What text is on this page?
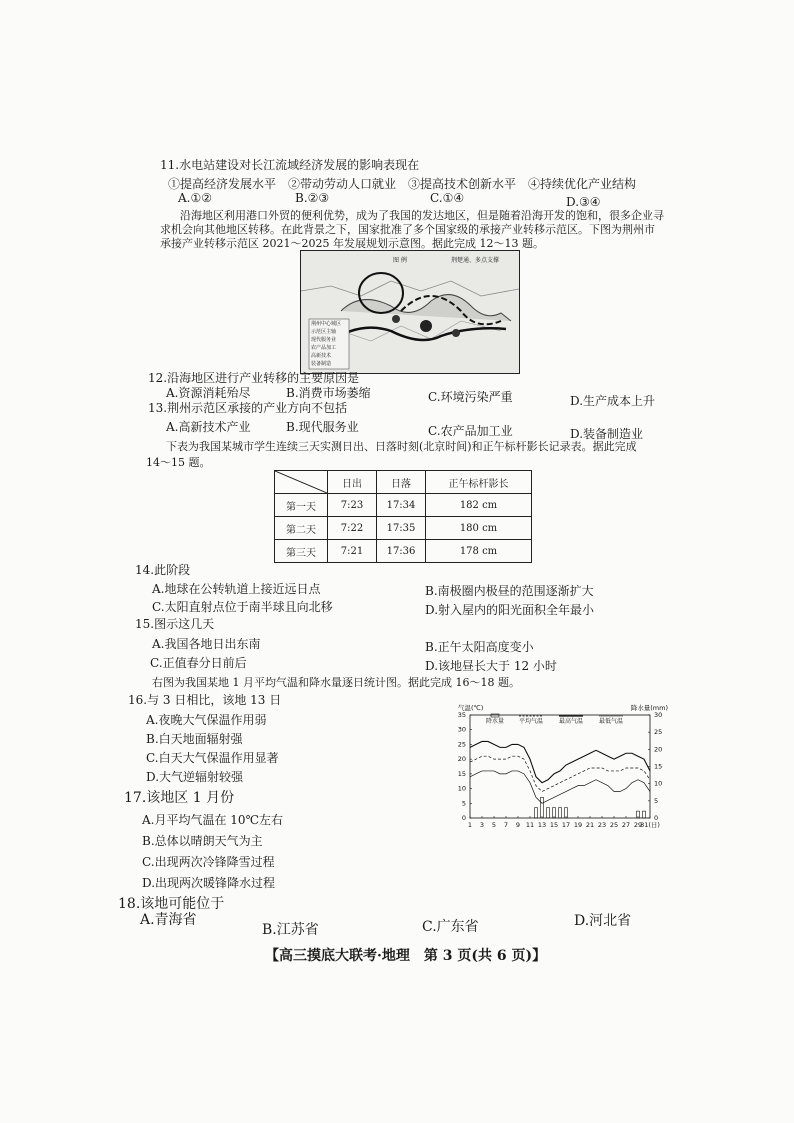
11.水电站建设对长江流域经济发展的影响表现在
①提高经济发展水平　②带动劳动人口就业　③提高技术创新水平　④持续优化产业结构
A.①②	B.②③	C.①④	D.③④
沿海地区利用港口外贸的便利优势，成为了我国的发达地区，但是随着沿海开发的饱和，很多企业寻
求机会向其他地区转移。在此背景之下，国家批准了多个国家级的承接产业转移示范区。下图为荆州市
承接产业转移示范区 2021～2025 年发展规划示意图。据此完成 12～13 题。
图 例	荆楚通、多点支撑
荆州中心城区
示范区主轴
现代服务业
农产品加工
高新技术
装备制造
12.沿海地区进行产业转移的主要原因是
A.资源消耗殆尽	B.消费市场萎缩	C.环境污染严重	D.生产成本上升
13.荆州示范区承接的产业方向不包括
A.高新技术产业	B.现代服务业	C.农产品加工业	D.装备制造业
下表为我国某城市学生连续三天实测日出、日落时刻(北京时间)和正午标杆影长记录表。据此完成
14～15 题。
	日出	日落	正午标杆影长
第一天	7:23	17:34	182 cm
第二天	7:22	17:35	180 cm
第三天	7:21	17:36	178 cm
14.此阶段
A.地球在公转轨道上接近远日点	B.南极圈内极昼的范围逐渐扩大
C.太阳直射点位于南半球且向北移	D.射入屋内的阳光面积全年最小
15.图示这几天
A.我国各地日出东南	B.正午太阳高度变小
C.正值春分日前后	D.该地昼长大于 12 小时
右图为我国某地 1 月平均气温和降水量逐日统计图。据此完成 16～18 题。
16.与 3 日相比，该地 13 日
A.夜晚大气保温作用弱
B.白天地面辐射强
C.白天大气保温作用显著
D.大气逆辐射较强
17.该地区 1 月份
A.月平均气温在 10℃左右
B.总体以晴朗天气为主
C.出现两次冷锋降雪过程
D.出现两次暖锋降水过程
18.该地可能位于
A.青海省
B.江苏省	C.广东省	D.河北省
0
5
10
15
20
25
30
35
0
5
10
15
20
25
30
1 3 5 7 9 11 13 15 17 19 21 23 25 27 29
31(日)
气温(℃)	降水量(mm)
降水量 平均气温	最高气温	最低气温
【高三摸底大联考·地理　第 3 页(共 6 页)】
